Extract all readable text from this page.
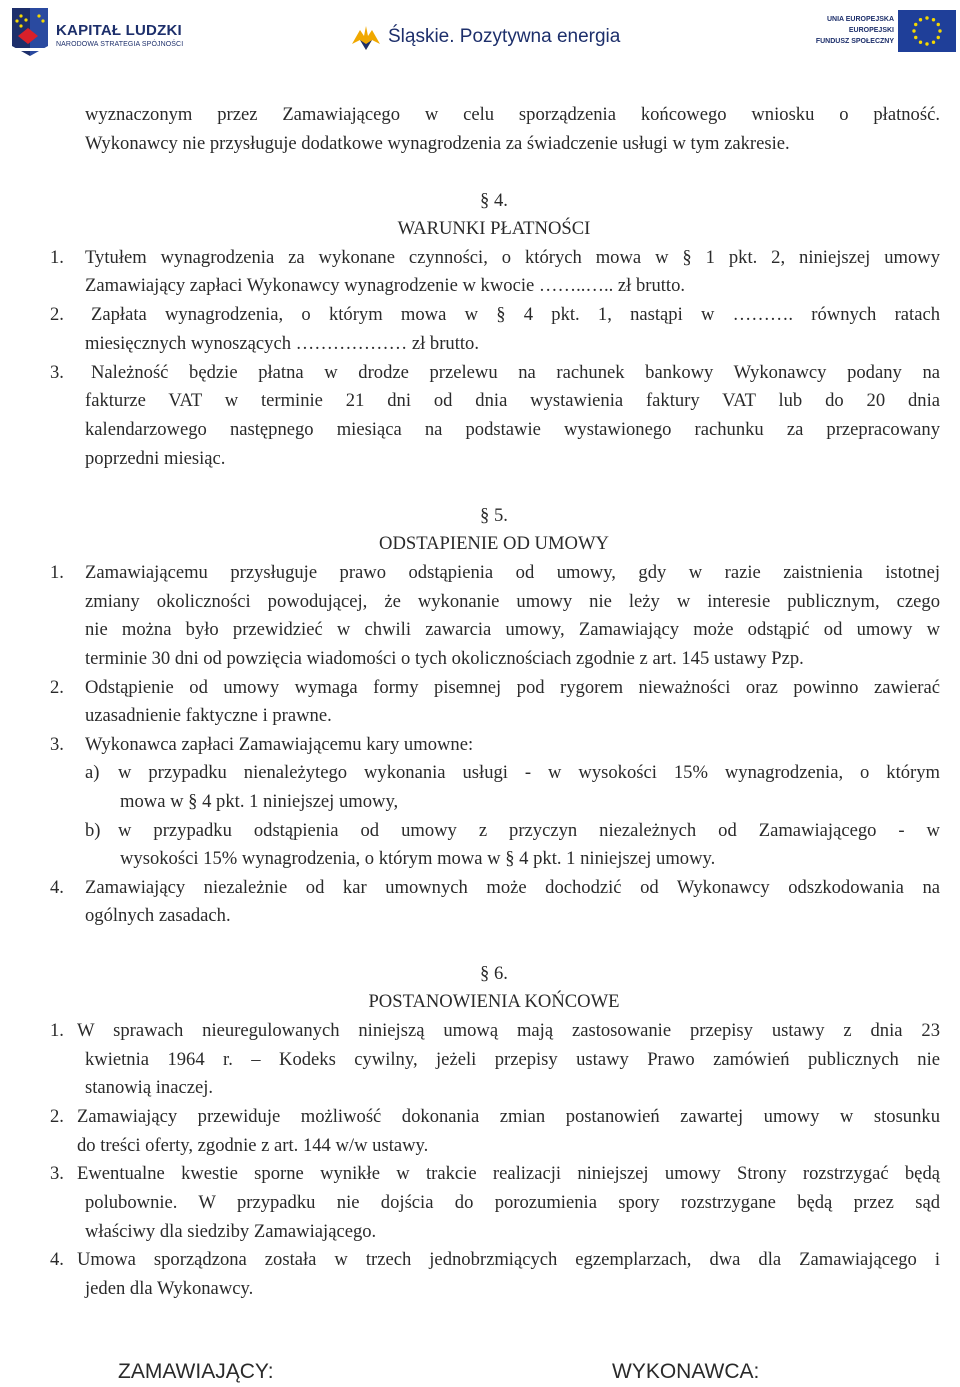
KAPITAŁ LUDZKI
NARODOWA STRATEGIA SPÓJNOŚCI	Śląskie. Pozytywna energia
UNIA EUROPEJSKA
EUROPEJSKI
FUNDUSZ SPOŁECZNY
wyznaczonym przez Zamawiającego w celu sporządzenia końcowego wniosku o płatność.
Wykonawcy nie przysługuje dodatkowe wynagrodzenia za świadczenie usługi w tym zakresie.
§ 4.
WARUNKI PŁATNOŚCI
1. Tytułem wynagrodzenia za wykonane czynności, o których mowa w § 1 pkt. 2, niniejszej umowy
Zamawiający zapłaci Wykonawcy wynagrodzenie w kwocie ……..….. zł brutto.
2. Zapłata wynagrodzenia, o którym mowa w § 4 pkt. 1, nastąpi w ………. równych ratach
miesięcznych wynoszących ……………… zł brutto.
3. Należność będzie płatna w drodze przelewu na rachunek bankowy Wykonawcy podany na
fakturze VAT w terminie 21 dni od dnia wystawienia faktury VAT lub do 20 dnia
kalendarzowego następnego miesiąca na podstawie wystawionego rachunku za przepracowany
poprzedni miesiąc.
§ 5.
ODSTAPIENIE OD UMOWY
1. Zamawiającemu przysługuje prawo odstąpienia od umowy, gdy w razie zaistnienia istotnej
zmiany okoliczności powodującej, że wykonanie umowy nie leży w interesie publicznym, czego
nie można było przewidzieć w chwili zawarcia umowy, Zamawiający może odstąpić od umowy w
terminie 30 dni od powzięcia wiadomości o tych okolicznościach zgodnie z art. 145 ustawy Pzp.
2. Odstąpienie od umowy wymaga formy pisemnej pod rygorem nieważności oraz powinno zawierać
uzasadnienie faktyczne i prawne.
3. Wykonawca zapłaci Zamawiającemu kary umowne:
a) w przypadku nienależytego wykonania usługi - w wysokości 15% wynagrodzenia, o którym
mowa w § 4 pkt. 1 niniejszej umowy,
b) w przypadku odstąpienia od umowy z przyczyn niezależnych od Zamawiającego - w
wysokości 15% wynagrodzenia, o którym mowa w § 4 pkt. 1 niniejszej umowy.
4. Zamawiający niezależnie od kar umownych może dochodzić od Wykonawcy odszkodowania na
ogólnych zasadach.
§ 6.
POSTANOWIENIA KOŃCOWE
1. W sprawach nieuregulowanych niniejszą umową mają zastosowanie przepisy ustawy z dnia 23
kwietnia 1964 r. – Kodeks cywilny, jeżeli przepisy ustawy Prawo zamówień publicznych nie
stanowią inaczej.
2. Zamawiający przewiduje możliwość dokonania zmian postanowień zawartej umowy w stosunku
do treści oferty, zgodnie z art. 144 w/w ustawy.
3. Ewentualne kwestie sporne wynikłe w trakcie realizacji niniejszej umowy Strony rozstrzygać będą
polubownie. W przypadku nie dojścia do porozumienia spory rozstrzygane będą przez sąd
właściwy dla siedziby Zamawiającego.
4. Umowa sporządzona została w trzech jednobrzmiących egzemplarzach, dwa dla Zamawiającego i
jeden dla Wykonawcy.
ZAMAWIAJĄCY:	WYKONAWCA:
